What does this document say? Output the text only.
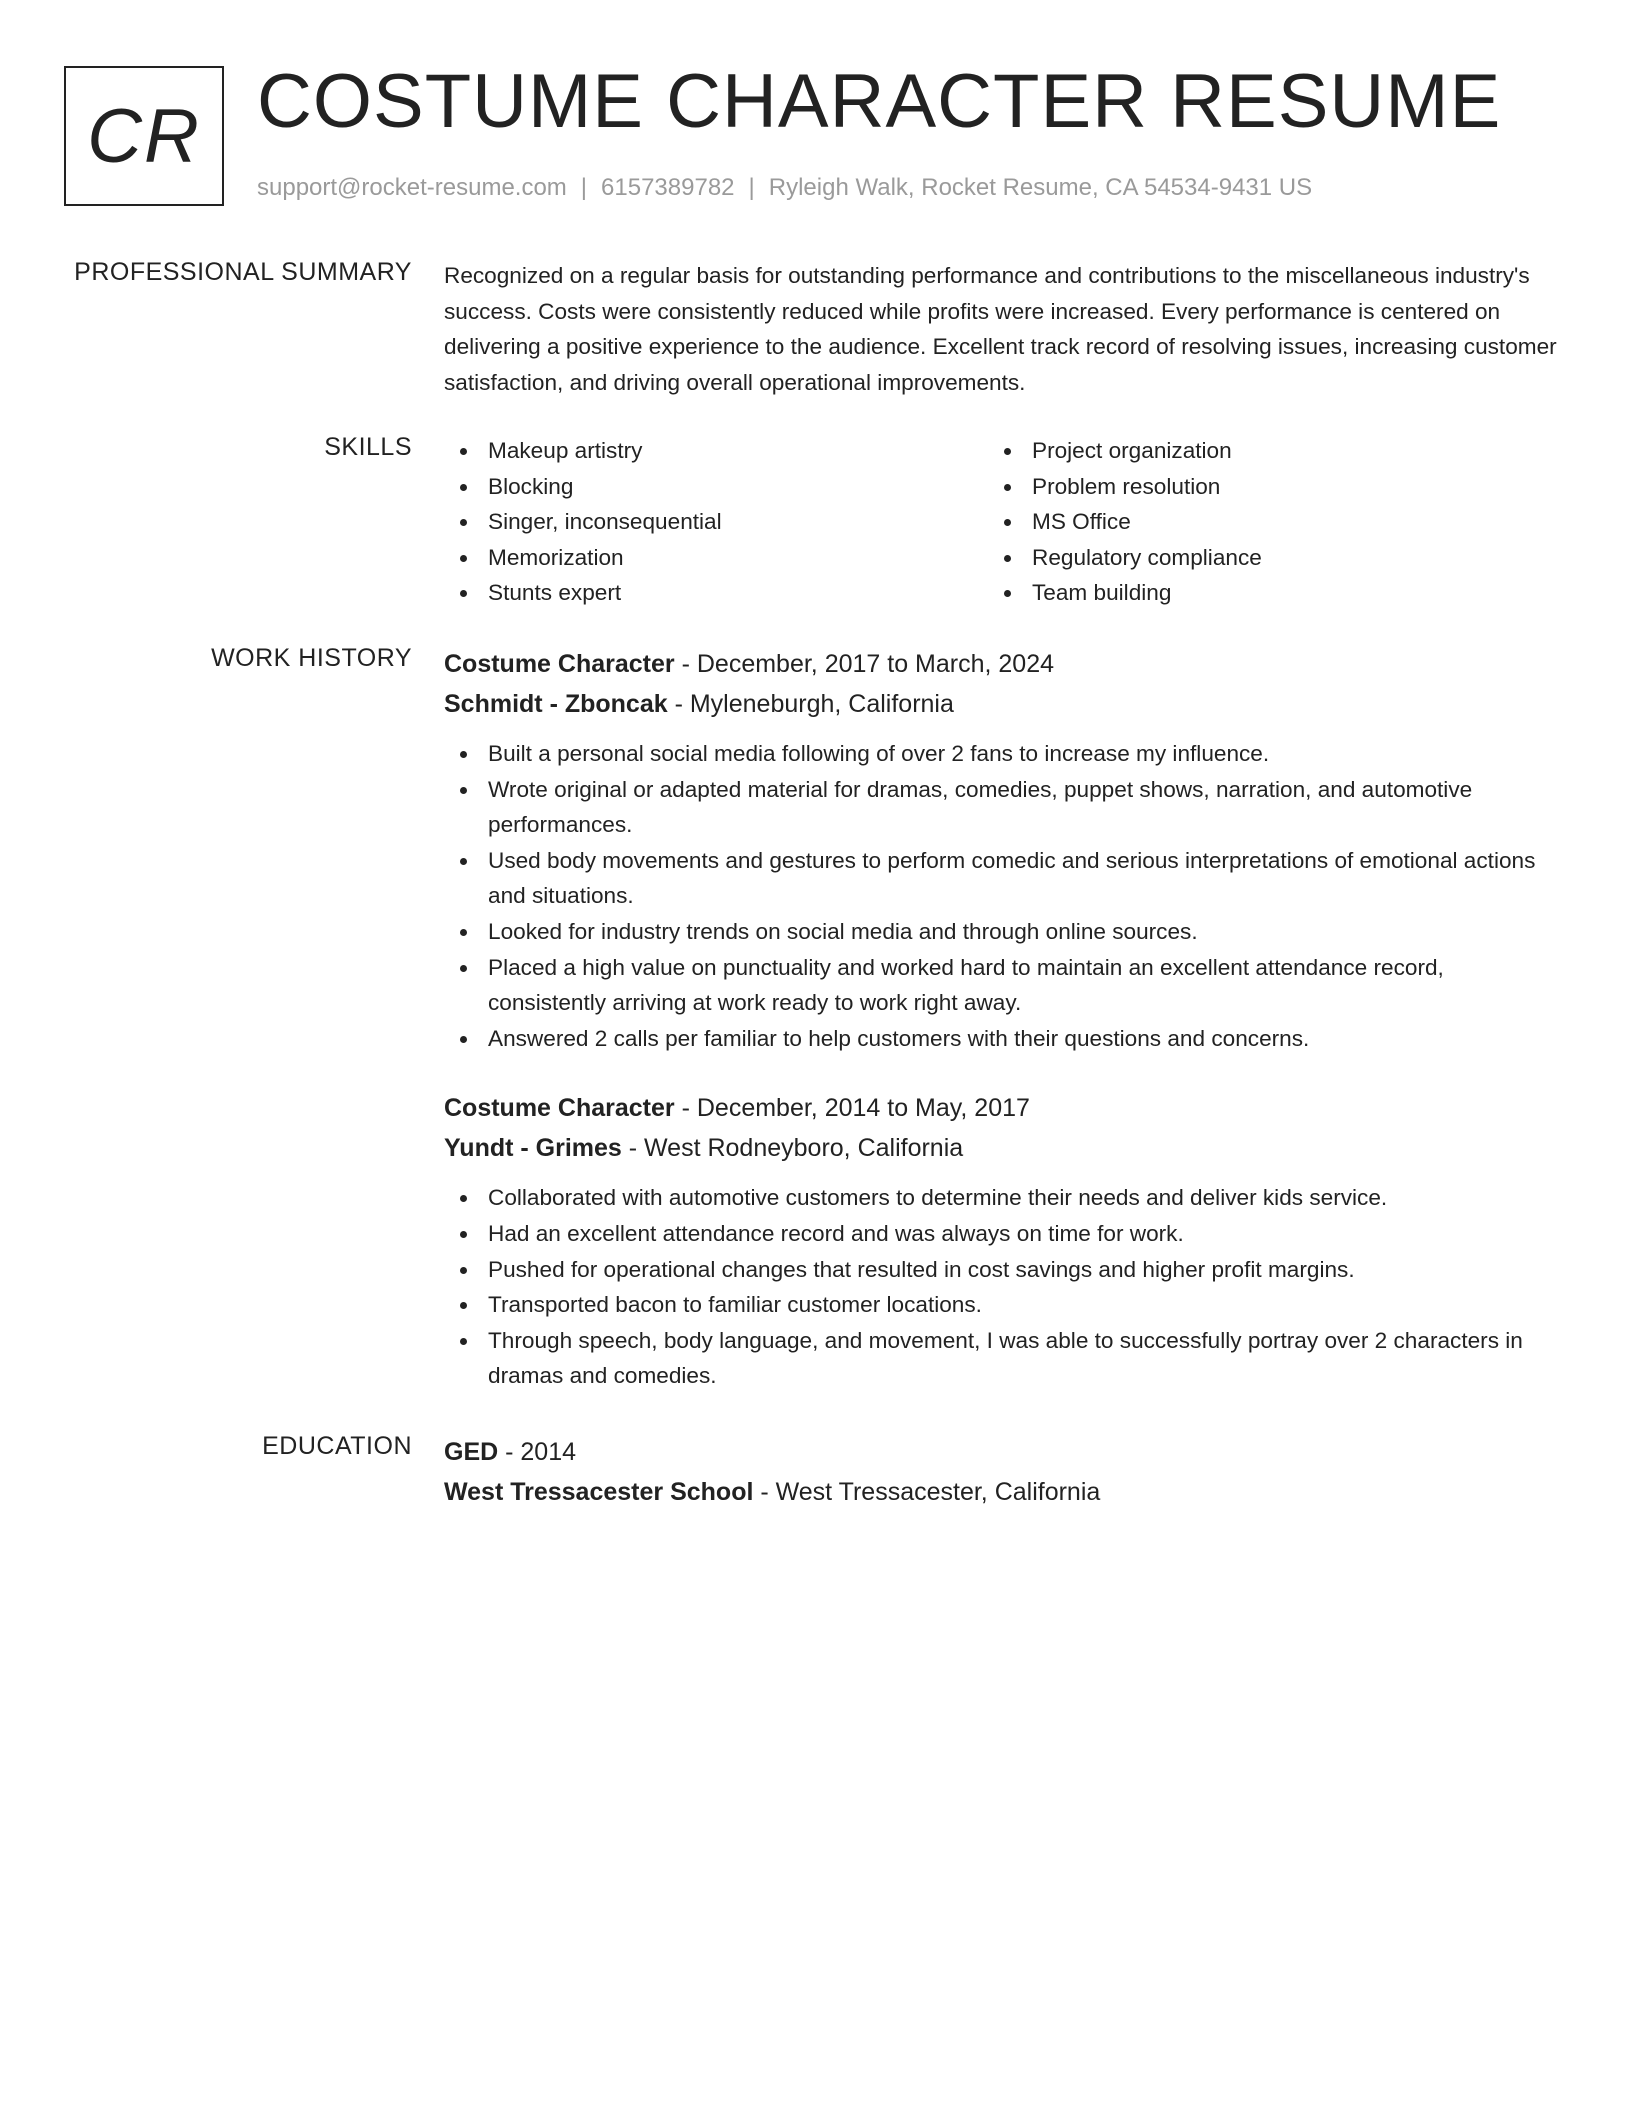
CR COSTUME CHARACTER RESUME
support@rocket-resume.com | 6157389782 | Ryleigh Walk, Rocket Resume, CA 54534-9431 US
PROFESSIONAL SUMMARY Recognized on a regular basis for outstanding performance and contributions to the miscellaneous industry's success. Costs were consistently reduced while profits were increased. Every performance is centered on delivering a positive experience to the audience. Excellent track record of resolving issues, increasing customer satisfaction, and driving overall operational improvements.

SKILLS	Makeup artistry
Blocking
Singer, inconsequential
Memorization
Stunts expert
Project organization
Problem resolution
MS Office
Regulatory compliance
Team building
WORK HISTORY Costume Character - December, 2017 to March, 2024
Schmidt - Zboncak - Myleneburgh, California
Built a personal social media following of over 2 fans to increase my influence.
Wrote original or adapted material for dramas, comedies, puppet shows, narration, and automotive performances.
Used body movements and gestures to perform comedic and serious interpretations of emotional actions and situations.
Looked for industry trends on social media and through online sources.
Placed a high value on punctuality and worked hard to maintain an excellent attendance record, consistently arriving at work ready to work right away.
Answered 2 calls per familiar to help customers with their questions and concerns.
Costume Character - December, 2014 to May, 2017
Yundt - Grimes - West Rodneyboro, California
Collaborated with automotive customers to determine their needs and deliver kids service.
Had an excellent attendance record and was always on time for work.
Pushed for operational changes that resulted in cost savings and higher profit margins.
Transported bacon to familiar customer locations.
Through speech, body language, and movement, I was able to successfully portray over 2 characters in dramas and comedies.
EDUCATION GED - 2014
West Tressacester School - West Tressacester, California
